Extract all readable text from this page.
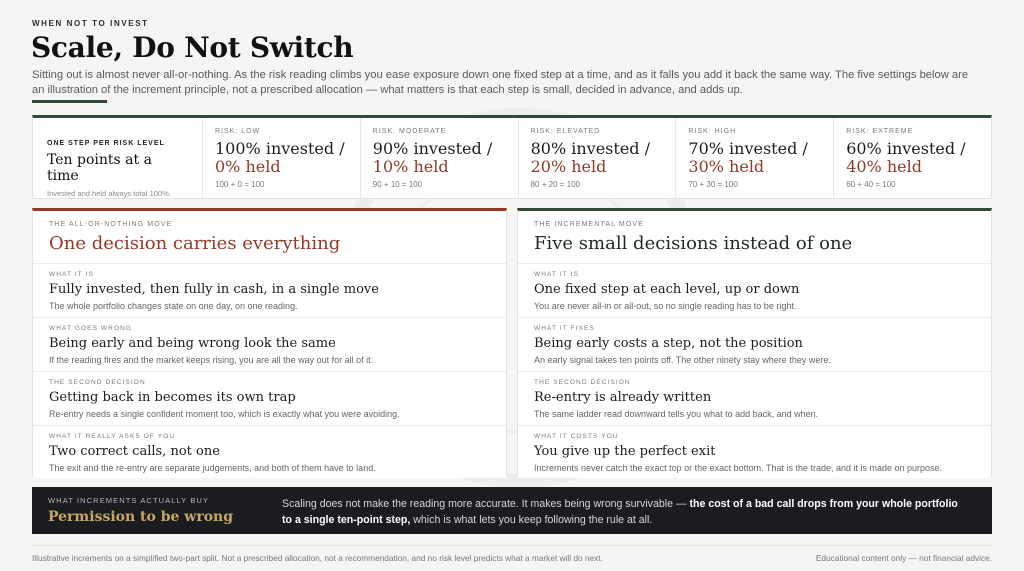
WHEN NOT TO INVEST
Scale, Do Not Switch

Sitting out is almost never all-or-nothing. As the risk reading climbs you ease exposure down one fixed step at a time, and as it falls you add it back the same way. The five settings below are an illustration of the increment principle, not a prescribed allocation — what matters is that each step is small, decided in advance, and adds up.

ONE STEP PER RISK LEVEL
Ten points at a time
Invested and held always total 100%.
RISK: LOW
100% invested /
0% held
100 + 0 = 100
RISK: MODERATE
90% invested /
10% held
90 + 10 = 100
RISK: ELEVATED
80% invested /
20% held
80 + 20 = 100
RISK: HIGH
70% invested /
30% held
70 + 30 = 100
RISK: EXTREME
60% invested /
40% held
60 + 40 = 100
THE ALL-OR-NOTHING MOVE
One decision carries everything
WHAT IT IS
Fully invested, then fully in cash, in a single move
The whole portfolio changes state on one day, on one reading.
WHAT GOES WRONG
Being early and being wrong look the same
If the reading fires and the market keeps rising, you are all the way out for all of it.
THE SECOND DECISION
Getting back in becomes its own trap
Re-entry needs a single confident moment too, which is exactly what you were avoiding.
WHAT IT REALLY ASKS OF YOU
Two correct calls, not one
The exit and the re-entry are separate judgements, and both of them have to land.
THE INCREMENTAL MOVE
Five small decisions instead of one
WHAT IT IS
One fixed step at each level, up or down
You are never all-in or all-out, so no single reading has to be right.
WHAT IT FIXES
Being early costs a step, not the position
An early signal takes ten points off. The other ninety stay where they were.
THE SECOND DECISION
Re-entry is already written
The same ladder read downward tells you what to add back, and when.
WHAT IT COSTS YOU
You give up the perfect exit
Increments never catch the exact top or the exact bottom. That is the trade, and it is made on purpose.
WHAT INCREMENTS ACTUALLY BUY
Permission to be wrong

Scaling does not make the reading more accurate. It makes being wrong survivable — the cost of a bad call drops from your whole portfolio to a single ten-point step, which is what lets you keep following the rule at all.

Illustrative increments on a simplified two-part split. Not a prescribed allocation, not a recommendation, and no risk level predicts what a market will do next.	Educational content only — not financial advice.
